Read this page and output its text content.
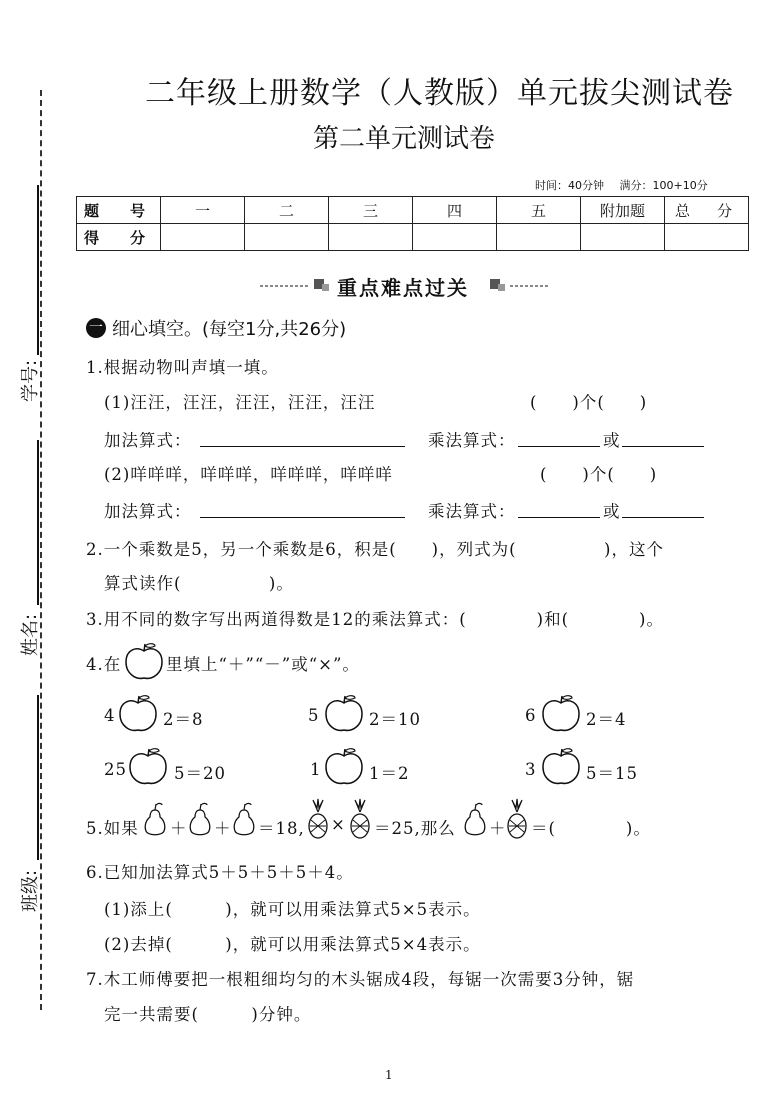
二年级上册数学（人教版）单元拔尖测试卷
第二单元测试卷
时间：40分钟 满分：100+10分
题　号	一	二	三	四	五	附加题	总　分
得　分							
学号:
姓名:
班级:
重点难点过关
一 细心填空。(每空1分,共26分)
1.根据动物叫声填一填。
(1)汪汪，汪汪，汪汪，汪汪，汪汪	(　　)个(　　)
加法算式：	乘法算式：	或
(2)咩咩咩，咩咩咩，咩咩咩，咩咩咩	(　　)个(　　)
加法算式：	乘法算式：	或
2.一个乘数是5，另一个乘数是6，积是(　　)，列式为(　　　　　)，这个
算式读作(　　　　　)。
3.用不同的数字写出两道得数是12的乘法算式：(　　　　)和(　　　　)。
4.在	里填上“＋”“－”或“×”。
4	2＝8	5	2＝10	6	2＝4
25	5＝20	1	1＝2	3	5＝15
5.如果 ＋ ＋ ＝18, × ＝25,那么 ＋ ＝(　　　　)。
6.已知加法算式5＋5＋5＋5＋4。
(1)添上(　　　)，就可以用乘法算式5×5表示。
(2)去掉(　　　)，就可以用乘法算式5×4表示。
7.木工师傅要把一根粗细均匀的木头锯成4段，每锯一次需要3分钟，锯
完一共需要(　　　)分钟。
1
